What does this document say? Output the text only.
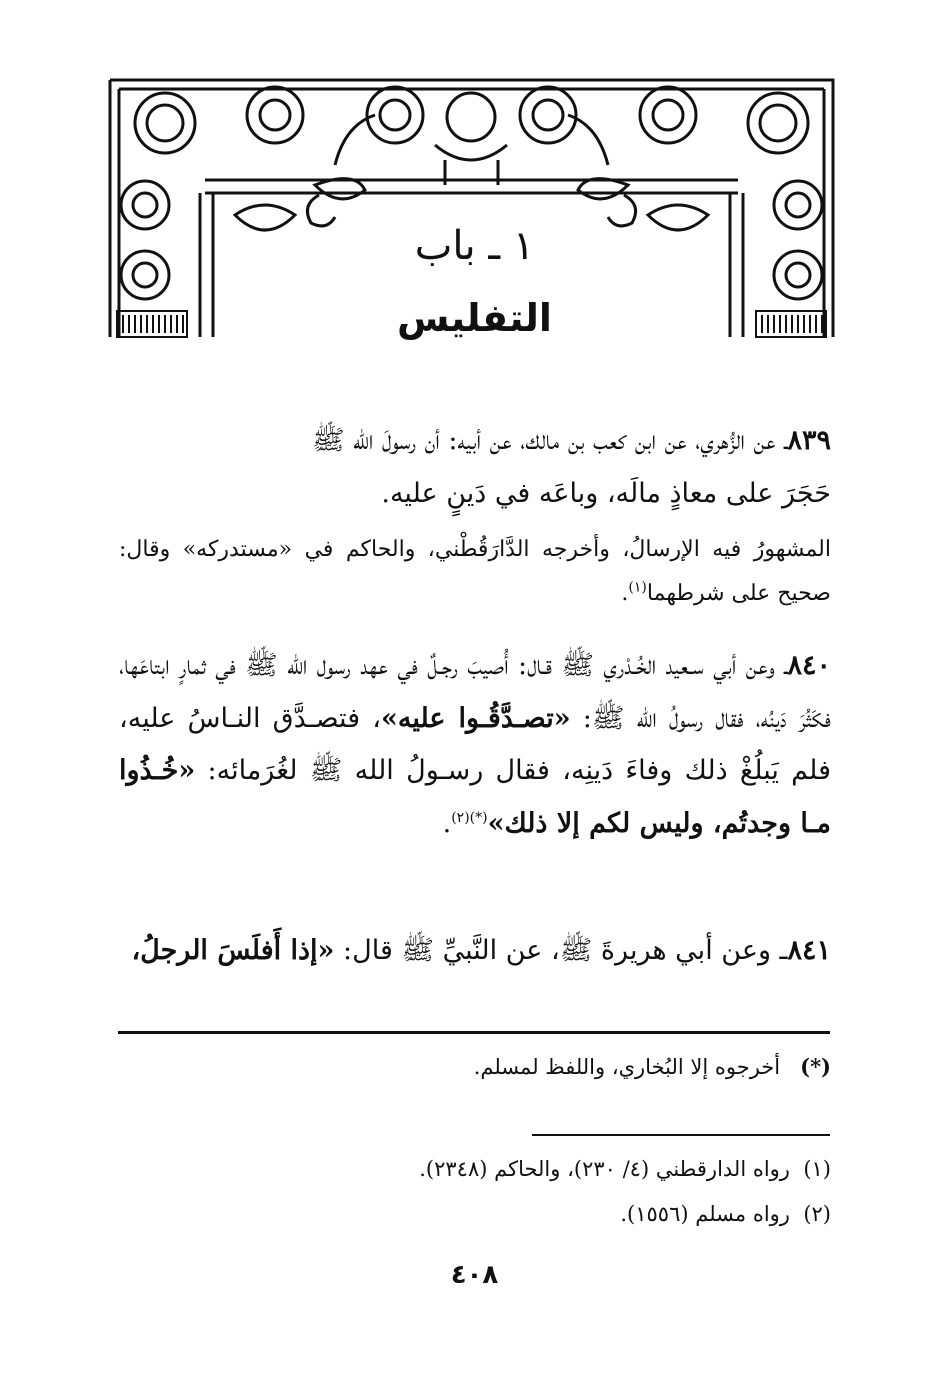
١ ـ باب
التفليس
٨٣٩ـ عن الزُّهري، عن ابن كعب بن مالك، عن أبيه: أن رسولَ الله ﷺ
حَجَرَ على معاذٍ مالَه، وباعَه في دَينٍ عليه.
المشهورُ فيه الإرسالُ، وأخرجه الدَّارَقُطْني، والحاكم في «مستدركه» وقال: صحيح على شرطهما$^{(١)}$.
٨٤٠ـ وعن أبي سـعيد الخُـدْري ﷺ قـال: أُصيبَ رجـلٌ في عهد رسول الله ﷺ في ثمارٍ ابتاعَها، فكَثُرَ دَينُه، فقال رسولُ الله ﷺ: «تصـدَّقُـوا عليه»، فتصـدَّق النـاسُ عليه، فلم يَبلُغْ ذلك وفاءَ دَينِه، فقال رسـولُ الله ﷺ لغُرَمائه: «خُـذُوا مـا وجدتُم، وليس لكم إلا ذلك»$^{(*)(٢)}$.
٨٤١ـ وعن أبي هريرةَ ﷺ، عن النَّبيِّ ﷺ قال: «إذا أَفلَسَ الرجلُ،
(*)   أخرجوه إلا البُخاري، واللفظ لمسلم.
(١)  رواه الدارقطني (٤/ ٢٣٠)، والحاكم (٢٣٤٨).
(٢)  رواه مسلم (١٥٥٦).
٤٠٨
